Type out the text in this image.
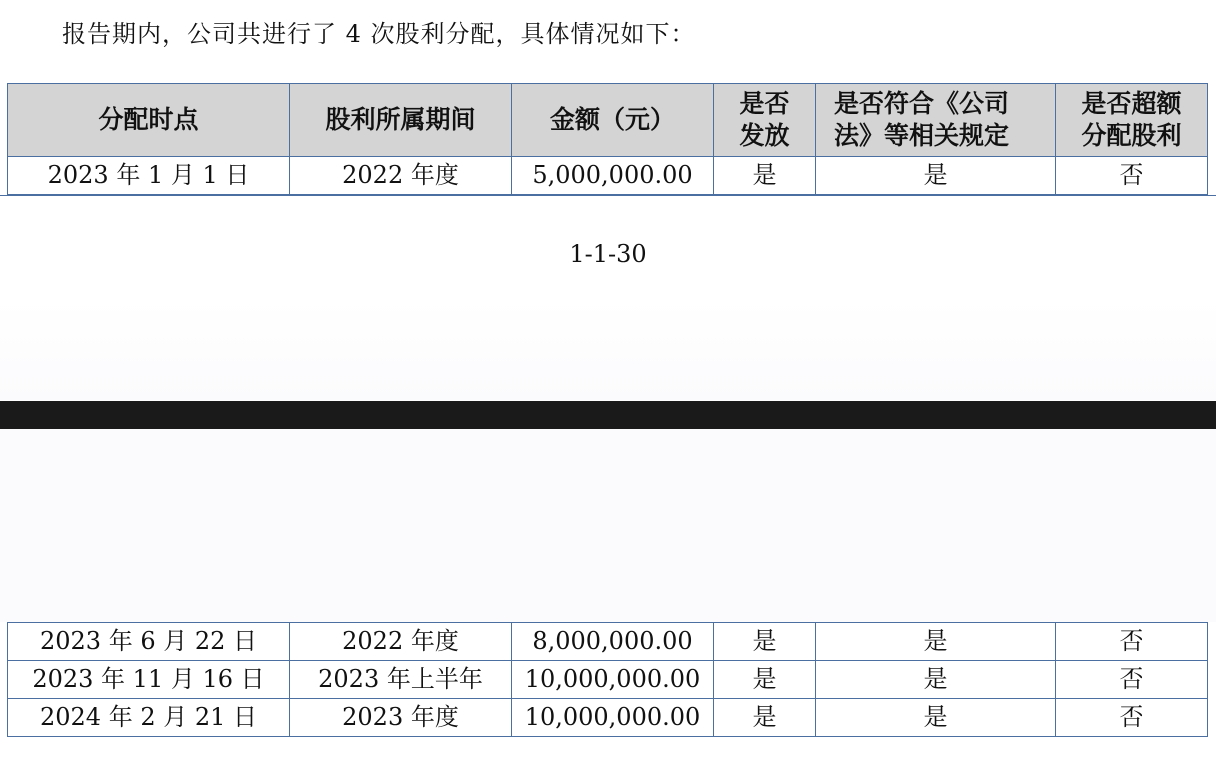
报告期内，公司共进行了 4 次股利分配，具体情况如下：
分配时点	股利所属期间	金额（元）	是否发放	是否符合《公司法》等相关规定	是否超额分配股利

2023 年 1 月 1 日	2022 年度	5,000,000.00	是	是	否
1-1-30
2023 年 6 月 22 日	2022 年度	8,000,000.00	是	是	否
2023 年 11 月 16 日	2023 年上半年	10,000,000.00	是	是	否
2024 年 2 月 21 日	2023 年度	10,000,000.00	是	是	否
